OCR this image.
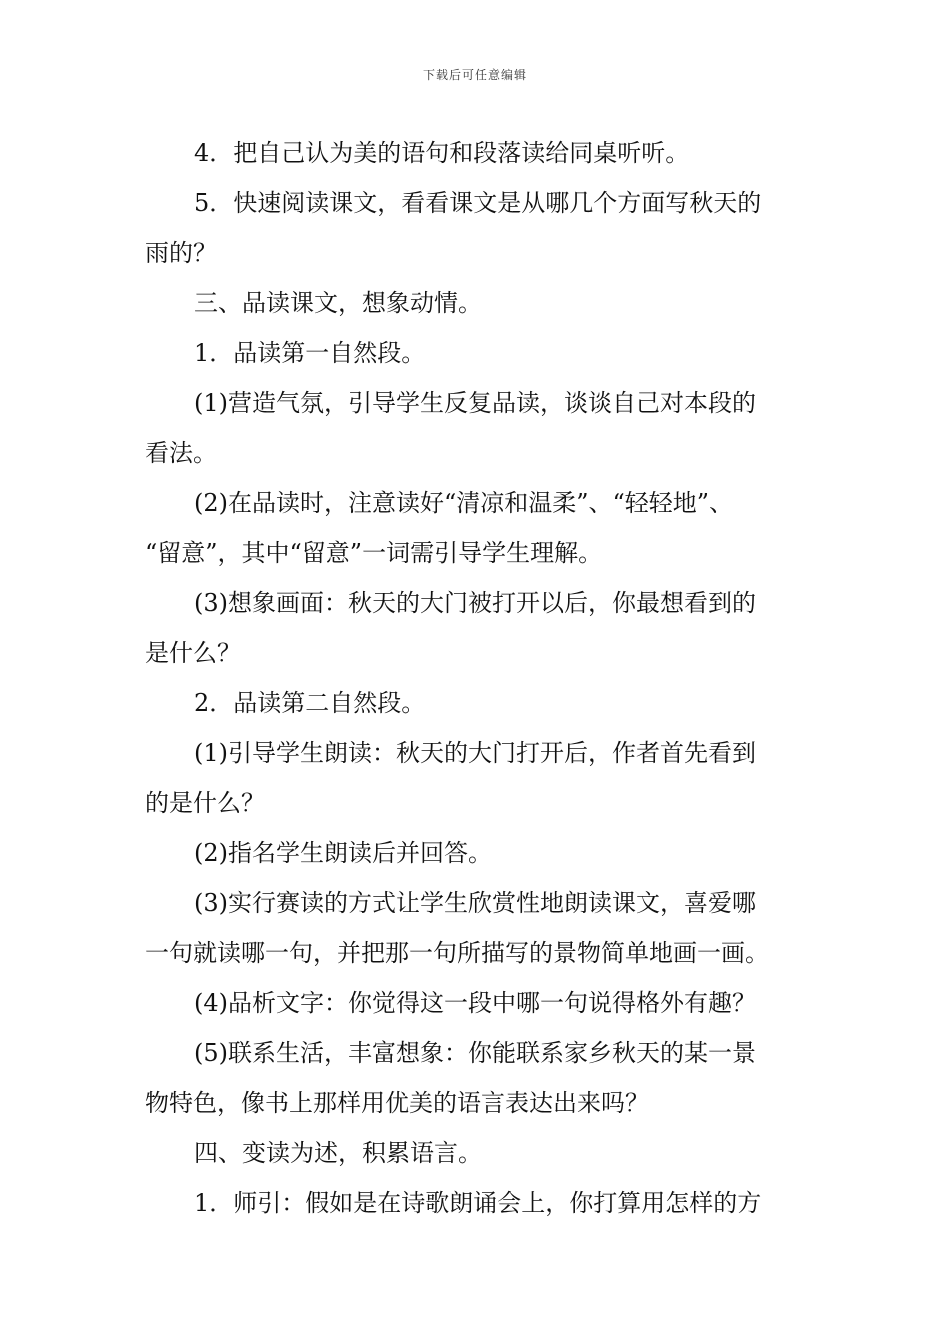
下载后可任意编辑

4．把自己认为美的语句和段落读给同桌听听。

5．快速阅读课文，看看课文是从哪几个方面写秋天的
雨的？

三、品读课文，想象动情。

1．品读第一自然段。

(1)营造气氛，引导学生反复品读，谈谈自己对本段的
看法。

(2)在品读时，注意读好“清凉和温柔”、“轻轻地”、
“留意”，其中“留意”一词需引导学生理解。

(3)想象画面：秋天的大门被打开以后，你最想看到的
是什么？

2．品读第二自然段。

(1)引导学生朗读：秋天的大门打开后，作者首先看到
的是什么？

(2)指名学生朗读后并回答。

(3)实行赛读的方式让学生欣赏性地朗读课文，喜爱哪
一句就读哪一句，并把那一句所描写的景物简单地画一画。

(4)品析文字：你觉得这一段中哪一句说得格外有趣？

(5)联系生活，丰富想象：你能联系家乡秋天的某一景
物特色，像书上那样用优美的语言表达出来吗？

四、变读为述，积累语言。

1．师引：假如是在诗歌朗诵会上，你打算用怎样的方
